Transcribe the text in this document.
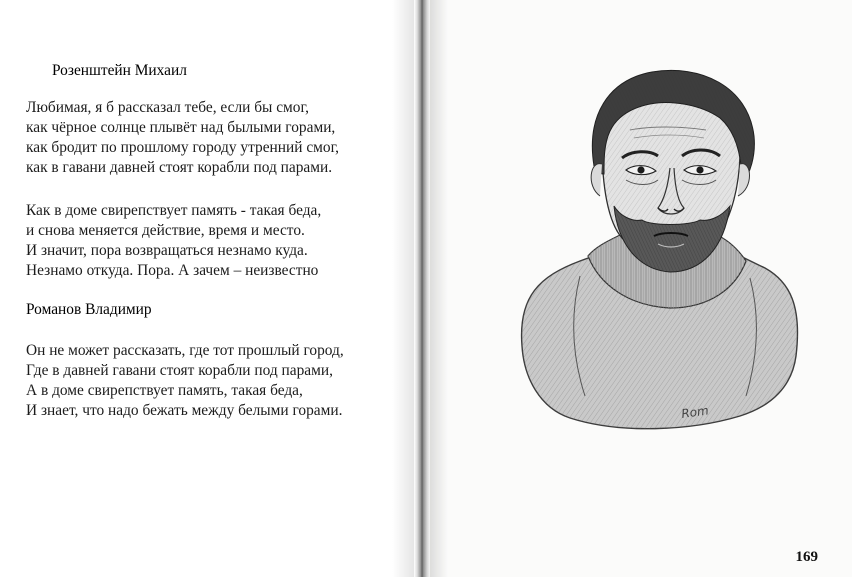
Розенштейн Михаил

Любимая, я б рассказал тебе, если бы смог,
как чёрное солнце плывёт над былыми горами,
как бродит по прошлому городу утренний смог,
как в гавани давней стоят корабли под парами.
Как в доме свирепствует память - такая беда,
и снова меняется действие, время и место.
И значит, пора возвращаться незнамо куда.
Незнамо откуда. Пора. А зачем – неизвестно

Романов Владимир

Он не может рассказать, где тот прошлый город,
Где в давней гавани стоят корабли под парами,
А в доме свирепствует память, такая беда,
И знает, что надо бежать между белыми горами.	Rom
169
